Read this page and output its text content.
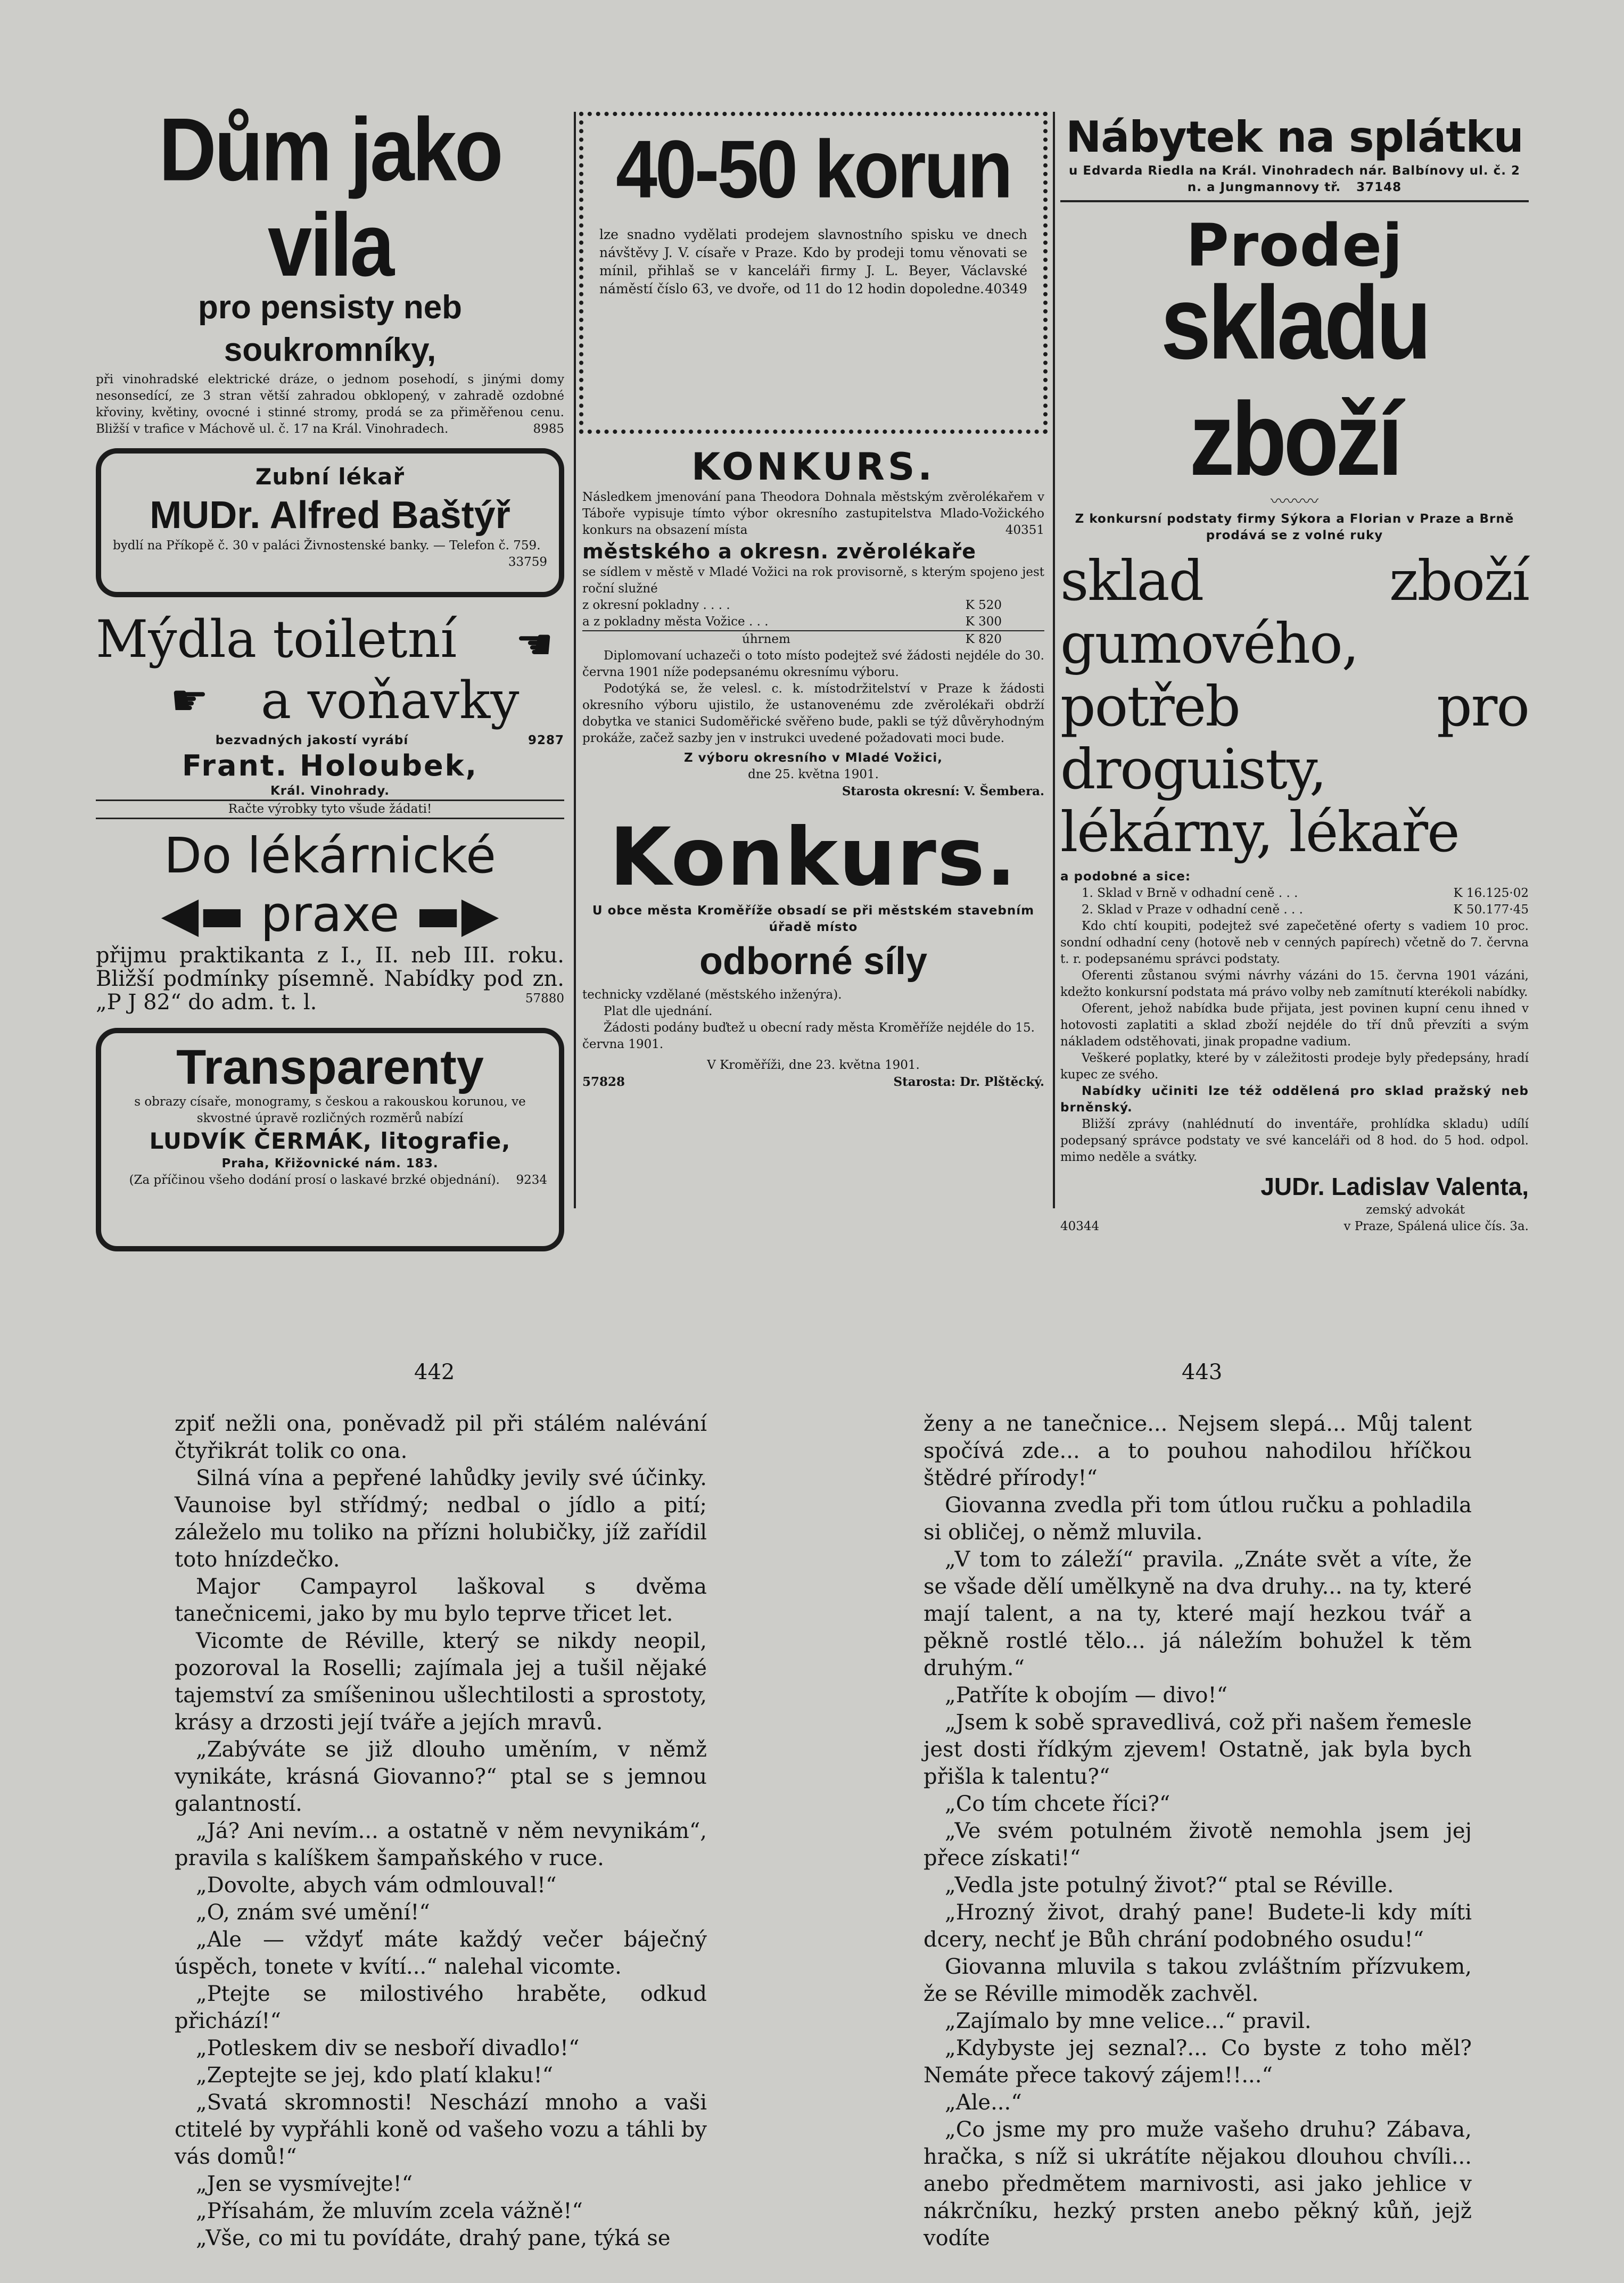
Dům jako vila
pro pensisty neb soukromníky,
při vinohradské elektrické dráze, o jednom posehodí, s jinými domy nesonsedící, ze 3 stran větší zahradou obklopený, v zahradě ozdobné křoviny, květiny, ovocné i stinné stromy, prodá se za přiměřenou cenu. Bližší v trafice v Máchově ul. č. 17 na Král. Vinohradech.	8985
Zubní lékař
MUDr. Alfred Baštýř
bydlí na Příkopě č. 30 v paláci Živnostenské banky. — Telefon č. 759.
33759
Mýdla toiletní ☚
☛ a voňavky
bezvadných jakostí vyrábí	9287
Frant. Holoubek,
Král. Vinohrady.
Račte výrobky tyto všude žádati!
Do lékárnické
◀▬ praxe ▬▶
přijmu praktikanta z I., II. neb III. roku. Bližší podmínky písemně. Nabídky pod zn. „P J 82“ do adm. t. l.	57880
Transparenty
s obrazy císaře, monogramy, s českou a rakouskou korunou, ve skvostné úpravě rozličných rozměrů nabízí
LUDVÍK ČERMÁK, litografie,
Praha, Křižovnické nám. 183.
(Za příčinou všeho dodání prosí o laskavé brzké objednání). 9234
40-50 korun
lze snadno vydělati prodejem slavnostního spisku ve dnech návštěvy J. V. císaře v Praze. Kdo by prodeji tomu věnovati se mínil, přihlaš se v kanceláři firmy J. L. Beyer, Václavské náměstí číslo 63, ve dvoře, od 11 do 12 hodin dopoledne. 40349
KONKURS.
Následkem jmenování pana Theodora Dohnala městským zvěrolékařem v Táboře vypisuje tímto výbor okresního zastupitelstva Mlado-Vožického konkurs na obsazení místa	40351
městského a okresn. zvěrolékaře
se sídlem v městě v Mladé Vožici na rok provisorně, s kterým spojeno jest roční služné
z okresní pokladny . . . .	K 520
a z pokladny města Vožice . . .	K 300
úhrnem	K 820
Diplomovaní uchazeči o toto místo podejtež své žádosti nejdéle do 30. června 1901 níže podepsanému okresnímu výboru.
Podotýká se, že velesl. c. k. místodržitelství v Praze k žádosti okresního výboru ujistilo, že ustanovenému zde zvěrolékaři obdrží dobytka ve stanici Sudoměřické svěřeno bude, pakli se týž důvěryhodným prokáže, začež sazby jen v instrukci uvedené požadovati moci bude.
Z výboru okresního v Mladé Vožici,
dne 25. května 1901.
Starosta okresní: V. Šembera.
Konkurs.
U obce města Kroměříže obsadí se při městském stavebním úřadě místo
odborné síly
technicky vzdělané (městského inženýra).
Plat dle ujednání.
Žádosti podány buďtež u obecní rady města Kroměříže nejdéle do 15. června 1901.
V Kroměříži, dne 23. května 1901.
57828	Starosta: Dr. Plštěcký.
Nábytek na splátku
u Edvarda Riedla na Král. Vinohradech nár. Balbínovy ul. č. 2 n. a Jungmannovy tř. 37148
Prodej
skladu zboží
〰〰〰
Z konkursní podstaty firmy Sýkora a Florian v Praze a Brně prodává se z volné ruky
sklad zboží gumového, potřeb pro droguisty, lékárny, lékaře
a podobné a sice:
1. Sklad v Brně v odhadní ceně . . .	K 16.125·02
2. Sklad v Praze v odhadní ceně . . .	K 50.177·45
Kdo chtí koupiti, podejtež své zapečetěné oferty s vadiem 10 proc. sondní odhadní ceny (hotově neb v cenných papírech) včetně do 7. června t. r. podepsanému správci podstaty.
Oferenti zůstanou svými návrhy vázáni do 15. června 1901 vázáni, kdežto konkursní podstata má právo volby neb zamítnutí kterékoli nabídky.
Oferent, jehož nabídka bude přijata, jest povinen kupní cenu ihned v hotovosti zaplatiti a sklad zboží nejdéle do tří dnů převzíti a svým nákladem odstěhovati, jinak propadne vadium.
Veškeré poplatky, které by v záležitosti prodeje byly předepsány, hradí kupec ze svého.
Nabídky učiniti lze též oddělená pro sklad pražský neb brněnský.
Bližší zprávy (nahlédnutí do inventáře, prohlídka skladu) udílí podepsaný správce podstaty ve své kanceláři od 8 hod. do 5 hod. odpol. mimo neděle a svátky.
JUDr. Ladislav Valenta,
zemský advokát
40344	v Praze, Spálená ulice čís. 3a.
442	443

zpiť nežli ona, poněvadž pil při stálém nalévání čtyřikrát tolik co ona.

Silná vína a pepřené lahůdky jevily své účinky. Vaunoise byl střídmý; nedbal o jídlo a pití; záleželo mu toliko na přízni holubičky, jíž zařídil toto hnízdečko.

Major Campayrol laškoval s dvěma tanečnicemi, jako by mu bylo teprve třicet let.

Vicomte de Réville, který se nikdy neopil, pozoroval la Roselli; zajímala jej a tušil nějaké tajemství za smíšeninou ušlechtilosti a sprostoty, krásy a drzosti její tváře a jejích mravů.

„Zabýváte se již dlouho uměním, v němž vynikáte, krásná Giovanno?“ ptal se s jemnou galantností.

„Já? Ani nevím... a ostatně v něm nevynikám“, pravila s kalíškem šampaňského v ruce.

„Dovolte, abych vám odmlouval!“

„O, znám své umění!“

„Ale — vždyť máte každý večer báječný úspěch, tonete v kvítí...“ nalehal vicomte.

„Ptejte se milostivého hraběte, odkud přichází!“

„Potleskem div se nesboří divadlo!“

„Zeptejte se jej, kdo platí klaku!“

„Svatá skromnosti! Neschází mnoho a vaši ctitelé by vypřáhli koně od vašeho vozu a táhli by vás domů!“

„Jen se vysmívejte!“

„Přísahám, že mluvím zcela vážně!“

„Vše, co mi tu povídáte, drahý pane, týká se

ženy a ne tanečnice... Nejsem slepá... Můj talent spočívá zde... a to pouhou nahodilou hříčkou štědré přírody!“

Giovanna zvedla při tom útlou ručku a pohladila si obličej, o němž mluvila.

„V tom to záleží“ pravila. „Znáte svět a víte, že se všade dělí umělkyně na dva druhy... na ty, které mají talent, a na ty, které mají hezkou tvář a pěkně rostlé tělo... já náležím bohužel k těm druhým.“

„Patříte k obojím — divo!“

„Jsem k sobě spravedlivá, což při našem řemesle jest dosti řídkým zjevem! Ostatně, jak byla bych přišla k talentu?“

„Co tím chcete říci?“

„Ve svém potulném životě nemohla jsem jej přece získati!“

„Vedla jste potulný život?“ ptal se Réville.

„Hrozný život, drahý pane! Budete-li kdy míti dcery, nechť je Bůh chrání podobného osudu!“

Giovanna mluvila s takou zvláštním přízvukem, že se Réville mimoděk zachvěl.

„Zajímalo by mne velice...“ pravil.

„Kdybyste jej seznal?... Co byste z toho měl? Nemáte přece takový zájem!!...“

„Ale...“

„Co jsme my pro muže vašeho druhu? Zábava, hračka, s níž si ukrátíte nějakou dlouhou chvíli... anebo předmětem marnivosti, asi jako jehlice v nákrčníku, hezký prsten anebo pěkný kůň, jejž vodíte
